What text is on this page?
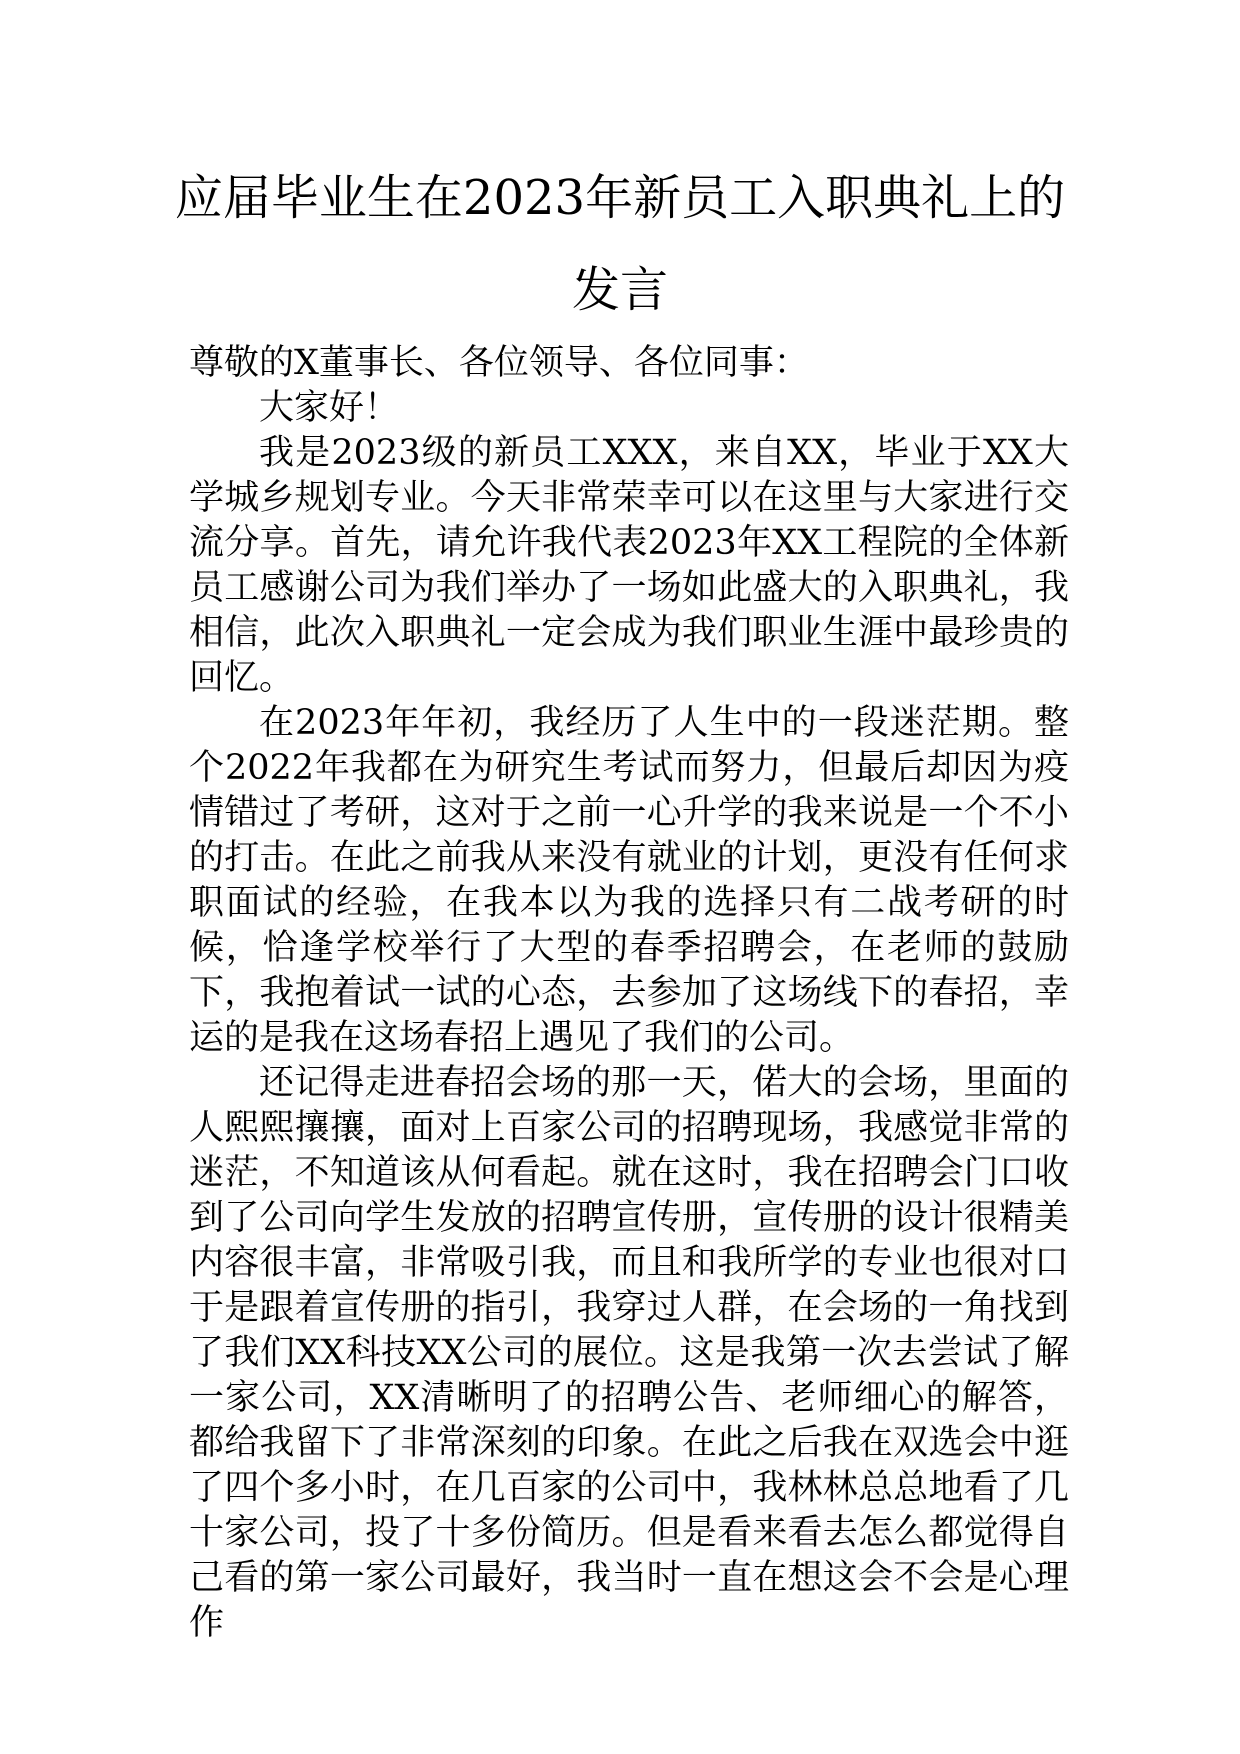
应届毕业生在2023年新员工入职典礼上的
发言

尊敬的X董事长、各位领导、各位同事：

大家好！

我是2023级的新员工XXX，来自XX，毕业于XX大学城乡规划专业。今天非常荣幸可以在这里与大家进行交流分享。首先，请允许我代表2023年XX工程院的全体新员工感谢公司为我们举办了一场如此盛大的入职典礼，我相信，此次入职典礼一定会成为我们职业生涯中最珍贵的回忆。

在2023年年初，我经历了人生中的一段迷茫期。整个2022年我都在为研究生考试而努力，但最后却因为疫情错过了考研，这对于之前一心升学的我来说是一个不小的打击。在此之前我从来没有就业的计划，更没有任何求职面试的经验，在我本以为我的选择只有二战考研的时候，恰逢学校举行了大型的春季招聘会，在老师的鼓励下，我抱着试一试的心态，去参加了这场线下的春招，幸运的是我在这场春招上遇见了我们的公司。

还记得走进春招会场的那一天，偌大的会场，里面的人熙熙攘攘，面对上百家公司的招聘现场，我感觉非常的迷茫，不知道该从何看起。就在这时，我在招聘会门口收到了公司向学生发放的招聘宣传册，宣传册的设计很精美内容很丰富，非常吸引我，而且和我所学的专业也很对口于是跟着宣传册的指引，我穿过人群，在会场的一角找到了我们XX科技XX公司的展位。这是我第一次去尝试了解一家公司，XX清晰明了的招聘公告、老师细心的解答，都给我留下了非常深刻的印象。在此之后我在双选会中逛了四个多小时，在几百家的公司中，我林林总总地看了几十家公司，投了十多份简历。但是看来看去怎么都觉得自己看的第一家公司最好，我当时一直在想这会不会是心理作
